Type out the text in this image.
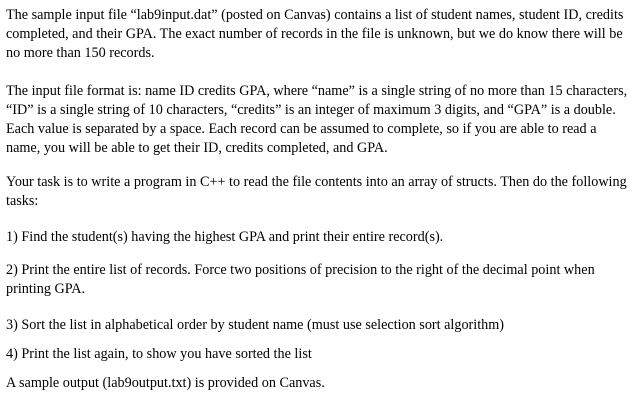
The sample input file “lab9input.dat” (posted on Canvas) contains a list of student names, student ID, credits completed, and their GPA. The exact number of records in the file is unknown, but we do know there will be no more than 150 records.

The input file format is: name ID credits GPA, where “name” is a single string of no more than 15 characters, “ID” is a single string of 10 characters, “credits” is an integer of maximum 3 digits, and “GPA” is a double. Each value is separated by a space. Each record can be assumed to complete, so if you are able to read a name, you will be able to get their ID, credits completed, and GPA.

Your task is to write a program in C++ to read the file contents into an array of structs. Then do the following tasks:

1) Find the student(s) having the highest GPA and print their entire record(s).

2) Print the entire list of records. Force two positions of precision to the right of the decimal point when printing GPA.

3) Sort the list in alphabetical order by student name (must use selection sort algorithm)

4) Print the list again, to show you have sorted the list

A sample output (lab9output.txt) is provided on Canvas.
